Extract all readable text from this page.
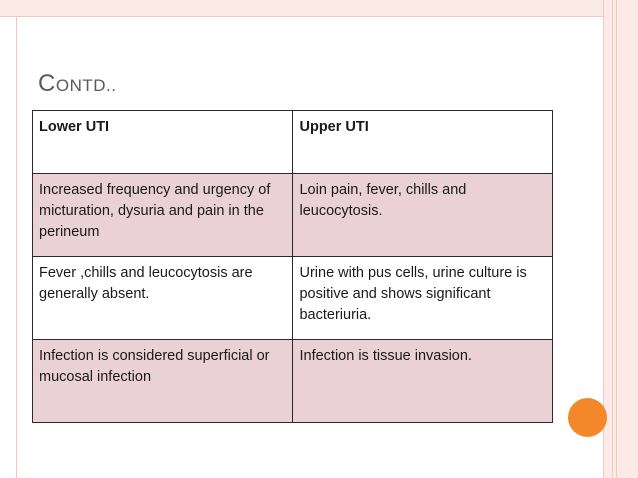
CONTD..
Lower UTI	Upper UTI
Increased frequency and urgency of micturation, dysuria and pain in the perineum	Loin pain, fever, chills and leucocytosis.
Fever ,chills and leucocytosis are generally absent.	Urine with pus cells, urine culture is positive and shows significant bacteriuria.
Infection is considered superficial or mucosal infection	Infection is tissue invasion.
